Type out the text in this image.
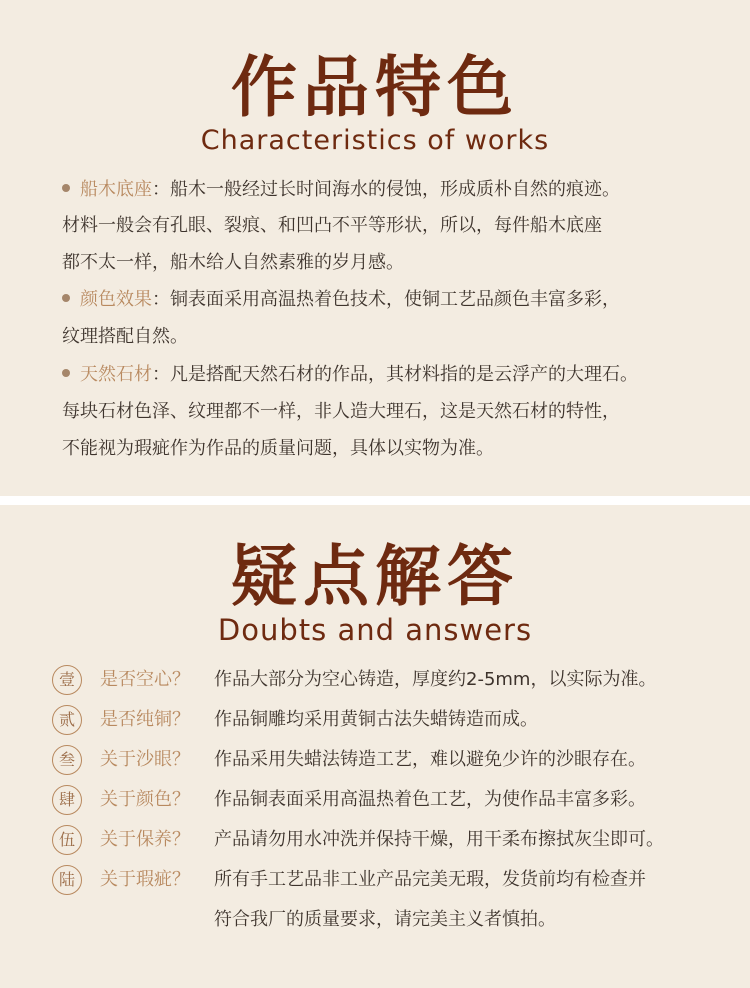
作品特色
Characteristics of works
船木底座：船木一般经过长时间海水的侵蚀，形成质朴自然的痕迹。
材料一般会有孔眼、裂痕、和凹凸不平等形状，所以，每件船木底座
都不太一样，船木给人自然素雅的岁月感。
颜色效果：铜表面采用高温热着色技术，使铜工艺品颜色丰富多彩，
纹理搭配自然。
天然石材：凡是搭配天然石材的作品，其材料指的是云浮产的大理石。
每块石材色泽、纹理都不一样，非人造大理石，这是天然石材的特性，
不能视为瑕疵作为作品的质量问题，具体以实物为准。
疑点解答
Doubts and answers
壹	是否空心？ 作品大部分为空心铸造，厚度约2-5mm，以实际为准。
贰	是否纯铜？ 作品铜雕均采用黄铜古法失蜡铸造而成。
叁	关于沙眼？ 作品采用失蜡法铸造工艺，难以避免少许的沙眼存在。
肆	关于颜色？ 作品铜表面采用高温热着色工艺，为使作品丰富多彩。
伍	关于保养？ 产品请勿用水冲洗并保持干燥，用干柔布擦拭灰尘即可。
陆	关于瑕疵？ 所有手工艺品非工业产品完美无瑕，发货前均有检查并
符合我厂的质量要求，请完美主义者慎拍。
